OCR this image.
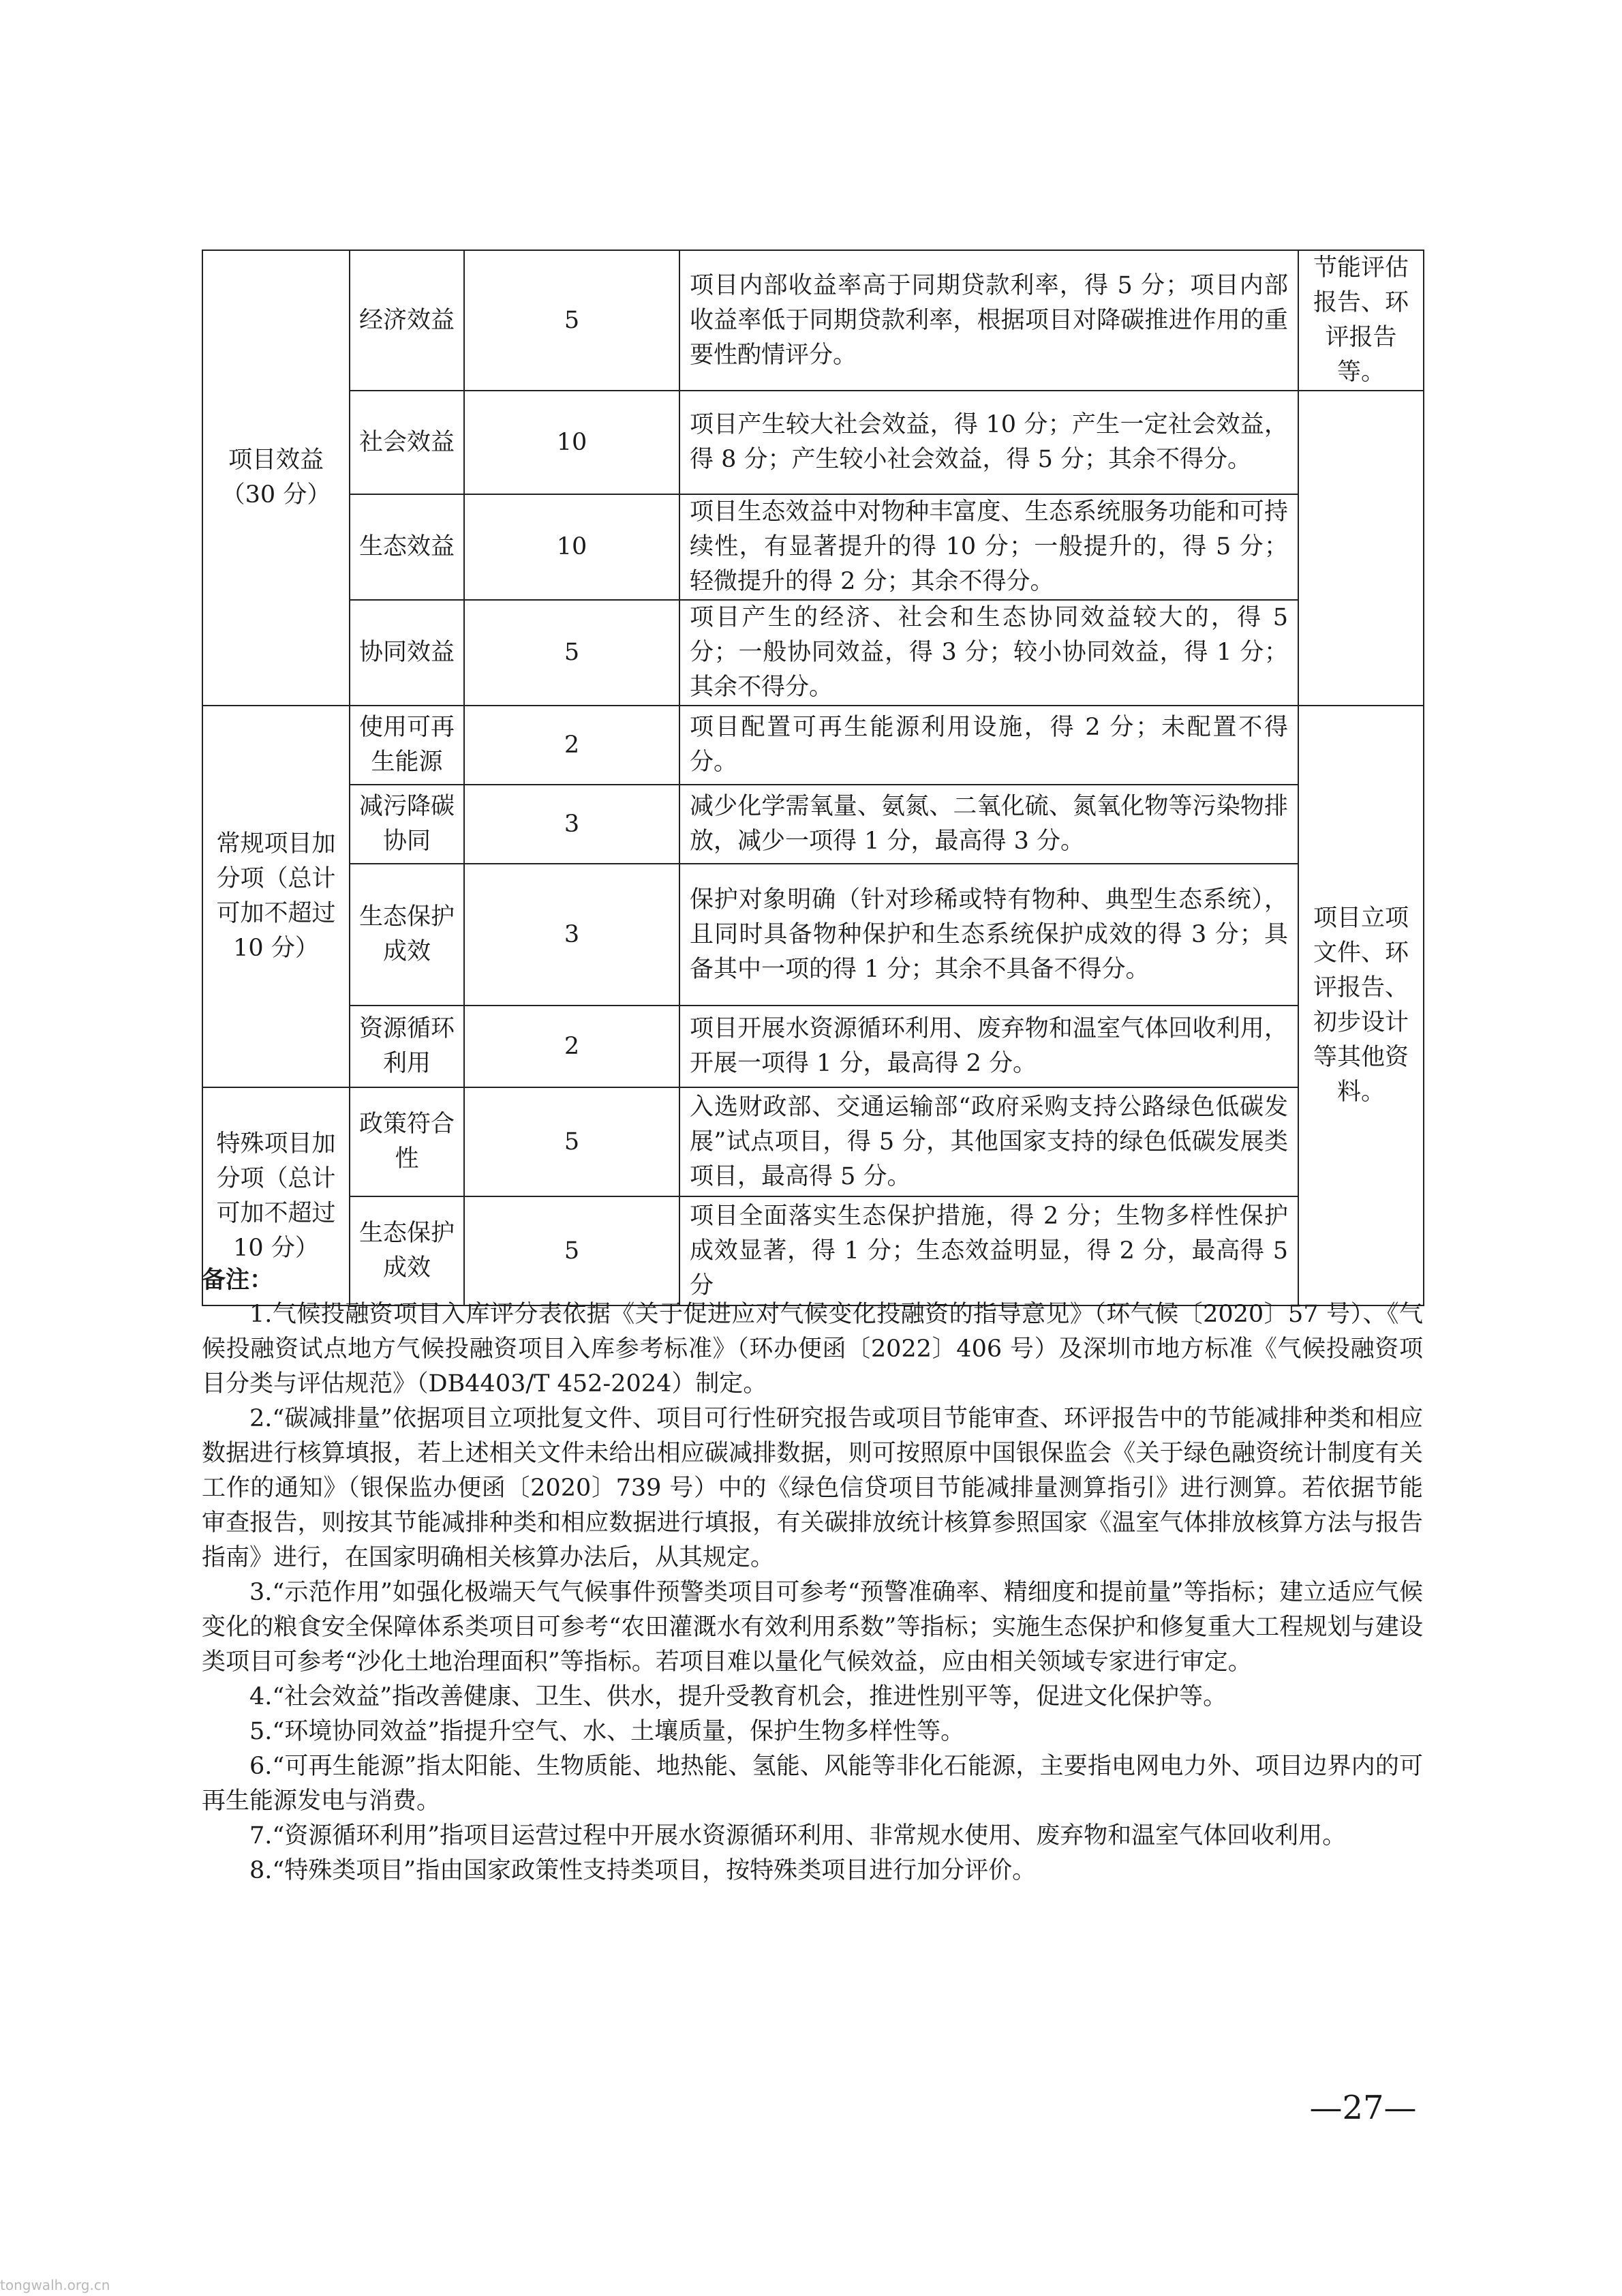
项目效益（30 分）	经济效益	5	项目内部收益率高于同期贷款利率，得 5 分；项目内部收益率低于同期贷款利率，根据项目对降碳推进作用的重要性酌情评分。	节能评估报告、环评报告等。
	社会效益	10	项目产生较大社会效益，得 10 分；产生一定社会效益，得 8 分；产生较小社会效益，得 5 分；其余不得分。	
	生态效益	10	项目生态效益中对物种丰富度、生态系统服务功能和可持续性，有显著提升的得 10 分；一般提升的，得 5 分；轻微提升的得 2 分；其余不得分。	
	协同效益	5	项目产生的经济、社会和生态协同效益较大的，得 5 分；一般协同效益，得 3 分；较小协同效益，得 1 分；其余不得分。	
常规项目加分项（总计可加不超过 10 分）	使用可再生能源	2	项目配置可再生能源利用设施，得 2 分；未配置不得分。	项目立项文件、环评报告、初步设计等其他资料。
	减污降碳协同	3	减少化学需氧量、氨氮、二氧化硫、氮氧化物等污染物排放，减少一项得 1 分，最高得 3 分。	
	生态保护成效	3	保护对象明确（针对珍稀或特有物种、典型生态系统），且同时具备物种保护和生态系统保护成效的得 3 分；具备其中一项的得 1 分；其余不具备不得分。	
	资源循环利用	2	项目开展水资源循环利用、废弃物和温室气体回收利用，开展一项得 1 分，最高得 2 分。	
特殊项目加分项（总计可加不超过 10 分）	政策符合性	5	入选财政部、交通运输部“政府采购支持公路绿色低碳发展”试点项目，得 5 分，其他国家支持的绿色低碳发展类项目，最高得 5 分。	
	生态保护成效	5	项目全面落实生态保护措施，得 2 分；生物多样性保护成效显著，得 1 分；生态效益明显，得 2 分，最高得 5 分	
备注：

1.气候投融资项目入库评分表依据《关于促进应对气候变化投融资的指导意见》（环气候〔2020〕57 号）、《气候投融资试点地方气候投融资项目入库参考标准》（环办便函〔2022〕406 号）及深圳市地方标准《气候投融资项目分类与评估规范》（DB4403/T 452-2024）制定。

2.“碳减排量”依据项目立项批复文件、项目可行性研究报告或项目节能审查、环评报告中的节能减排种类和相应数据进行核算填报，若上述相关文件未给出相应碳减排数据，则可按照原中国银保监会《关于绿色融资统计制度有关工作的通知》（银保监办便函〔2020〕739 号）中的《绿色信贷项目节能减排量测算指引》进行测算。若依据节能审查报告，则按其节能减排种类和相应数据进行填报，有关碳排放统计核算参照国家《温室气体排放核算方法与报告指南》进行，在国家明确相关核算办法后，从其规定。

3.“示范作用”如强化极端天气气候事件预警类项目可参考“预警准确率、精细度和提前量”等指标；建立适应气候变化的粮食安全保障体系类项目可参考“农田灌溉水有效利用系数”等指标；实施生态保护和修复重大工程规划与建设类项目可参考“沙化土地治理面积”等指标。若项目难以量化气候效益，应由相关领域专家进行审定。

4.“社会效益”指改善健康、卫生、供水，提升受教育机会，推进性别平等，促进文化保护等。

5.“环境协同效益”指提升空气、水、土壤质量，保护生物多样性等。

6.“可再生能源”指太阳能、生物质能、地热能、氢能、风能等非化石能源，主要指电网电力外、项目边界内的可再生能源发电与消费。

7.“资源循环利用”指项目运营过程中开展水资源循环利用、非常规水使用、废弃物和温室气体回收利用。

8.“特殊类项目”指由国家政策性支持类项目，按特殊类项目进行加分评价。

—27—
tongwalh.org.cn
